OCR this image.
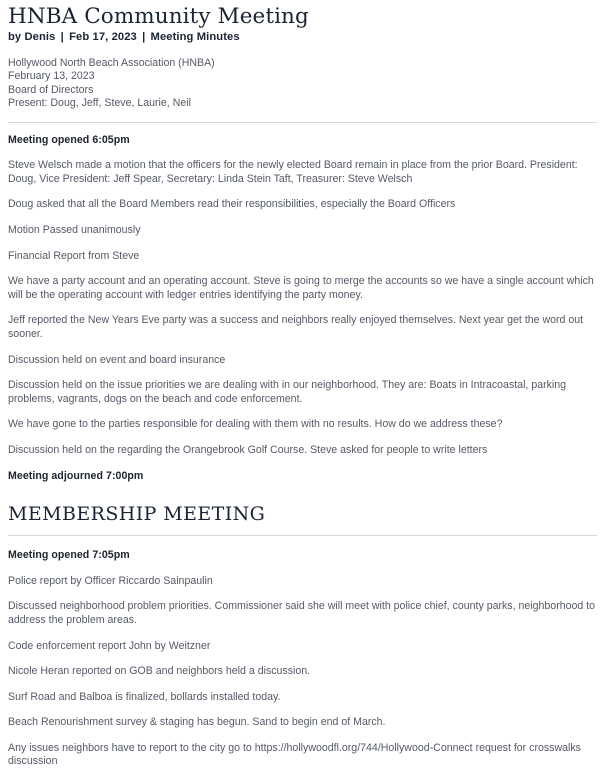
HNBA Community Meeting
by Denis | Feb 17, 2023 | Meeting Minutes
Hollywood North Beach Association (HNBA)
February 13, 2023
Board of Directors
Present: Doug, Jeff, Steve, Laurie, Neil

Meeting opened 6:05pm

Steve Welsch made a motion that the officers for the newly elected Board remain in place from the prior Board. President: Doug, Vice President: Jeff Spear, Secretary: Linda Stein Taft, Treasurer: Steve Welsch

Doug asked that all the Board Members read their responsibilities, especially the Board Officers

Motion Passed unanimously

Financial Report from Steve

We have a party account and an operating account. Steve is going to merge the accounts so we have a single account which will be the operating account with ledger entries identifying the party money.

Jeff reported the New Years Eve party was a success and neighbors really enjoyed themselves. Next year get the word out sooner.

Discussion held on event and board insurance

Discussion held on the issue priorities we are dealing with in our neighborhood. They are: Boats in Intracoastal, parking problems, vagrants, dogs on the beach and code enforcement.

We have gone to the parties responsible for dealing with them with no results. How do we address these?

Discussion held on the regarding the Orangebrook Golf Course. Steve asked for people to write letters

Meeting adjourned 7:00pm

MEMBERSHIP MEETING

Meeting opened 7:05pm

Police report by Officer Riccardo Sainpaulin

Discussed neighborhood problem priorities. Commissioner said she will meet with police chief, county parks, neighborhood to address the problem areas.

Code enforcement report John by Weitzner

Nicole Heran reported on GOB and neighbors held a discussion.

Surf Road and Balboa is finalized, bollards installed today.

Beach Renourishment survey & staging has begun. Sand to begin end of March.

Any issues neighbors have to report to the city go to https://hollywoodfl.org/744/Hollywood-Connect request for crosswalks discussion
